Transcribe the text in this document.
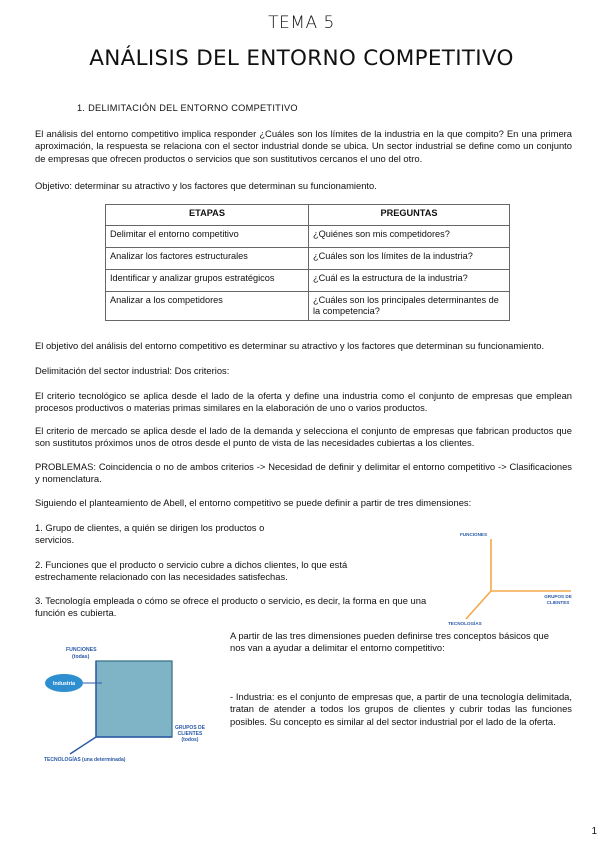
TEMA 5
ANÁLISIS DEL ENTORNO COMPETITIVO
1. DELIMITACIÓN DEL ENTORNO COMPETITIVO
El análisis del entorno competitivo implica responder ¿Cuáles son los límites de la industria en la que compito? En una primera aproximación, la respuesta se relaciona con el sector industrial donde se ubica. Un sector industrial se define como un conjunto de empresas que ofrecen productos o servicios que son sustitutivos cercanos el uno del otro.
Objetivo: determinar su atractivo y los factores que determinan su funcionamiento.
ETAPAS	PREGUNTAS
Delimitar el entorno competitivo	¿Quiénes son mis competidores?
Analizar los factores estructurales	¿Cuáles son los límites de la industria?
Identificar y analizar grupos estratégicos	¿Cuál es la estructura de la industria?
Analizar a los competidores	¿Cuáles son los principales determinantes de la competencia?
El objetivo del análisis del entorno competitivo es determinar su atractivo y los factores que determinan su funcionamiento.
Delimitación del sector industrial: Dos criterios:
El criterio tecnológico se aplica desde el lado de la oferta y define una industria como el conjunto de empresas que emplean procesos productivos o materias primas similares en la elaboración de uno o varios productos.
El criterio de mercado se aplica desde el lado de la demanda y selecciona el conjunto de empresas que fabrican productos que son sustitutos próximos unos de otros desde el punto de vista de las necesidades cubiertas a los clientes.
PROBLEMAS: Coincidencia o no de ambos criterios -> Necesidad de definir y delimitar el entorno competitivo -> Clasificaciones y nomenclatura.
Siguiendo el planteamiento de Abell, el entorno competitivo se puede definir a partir de tres dimensiones:
1. Grupo de clientes, a quién se dirigen los productos o servicios.
2. Funciones que el producto o servicio cubre a dichos clientes, lo que está estrechamente relacionado con las necesidades satisfechas.
3. Tecnología empleada o cómo se ofrece el producto o servicio, es decir, la forma en que una función es cubierta.
FUNCIONES
GRUPOS DE
CLIENTES
TECNOLOGÍAS
FUNCIONES
(todas)
Industria
GRUPOS DE
CLIENTES
(todos)
TECNOLOGÍAS (una determinada)
A partir de las tres dimensiones pueden definirse tres conceptos básicos que nos van a ayudar a delimitar el entorno competitivo:
- Industria: es el conjunto de empresas que, a partir de una tecnología delimitada, tratan de atender a todos los grupos de clientes y cubrir todas las funciones posibles. Su concepto es similar al del sector industrial por el lado de la oferta.
1
